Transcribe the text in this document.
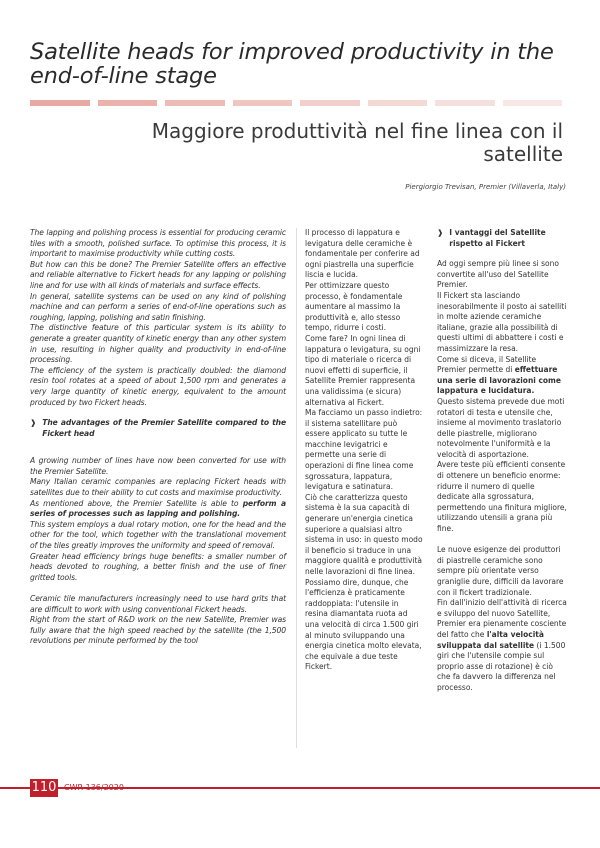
Satellite heads for improved productivity in the end-of-line stage
Maggiore produttività nel fine linea con il satellite

Piergiorgio Trevisan, Premier (Villaverla, Italy)

The lapping and polishing process is essential for producing ceramic tiles with a smooth, polished surface. To optimise this process, it is important to maximise productivity while cutting costs.

But how can this be done? The Premier Satellite offers an effective and reliable alternative to Fickert heads for any lapping or polishing line and for use with all kinds of materials and surface effects.

In general, satellite systems can be used on any kind of polishing machine and can perform a series of end-of-line operations such as roughing, lapping, polishing and satin finishing.

The distinctive feature of this particular system is its ability to generate a greater quantity of kinetic energy than any other system in use, resulting in higher quality and productivity in end-of-line processing.

The efficiency of the system is practically doubled: the diamond resin tool rotates at a speed of about 1,500 rpm and generates a very large quantity of kinetic energy, equivalent to the amount produced by two Fickert heads.

❱ The advantages of the Premier Satellite compared to the Fickert head

A growing number of lines have now been converted for use with the Premier Satellite.

Many Italian ceramic companies are replacing Fickert heads with satellites due to their ability to cut costs and maximise productivity.

As mentioned above, the Premier Satellite is able to perform a series of processes such as lapping and polishing.

This system employs a dual rotary motion, one for the head and the other for the tool, which together with the translational movement of the tiles greatly improves the uniformity and speed of removal.

Greater head efficiency brings huge benefits: a smaller number of heads devoted to roughing, a better finish and the use of finer gritted tools.

Ceramic tile manufacturers increasingly need to use hard grits that are difficult to work with using conventional Fickert heads.

Right from the start of R&D work on the new Satellite, Premier was fully aware that the high speed reached by the satellite (the 1,500 revolutions per minute performed by the tool

Il processo di lappatura e levigatura delle ceramiche è fondamentale per conferire ad ogni piastrella una superficie liscia e lucida.

Per ottimizzare questo processo, è fondamentale aumentare al massimo la produttività e, allo stesso tempo, ridurre i costi.

Come fare? In ogni linea di lappatura o levigatura, su ogni tipo di materiale o ricerca di nuovi effetti di superficie, il Satellite Premier rappresenta una validissima (e sicura) alternativa al Fickert.

Ma facciamo un passo indietro: il sistema satellitare può essere applicato su tutte le macchine levigatrici e permette una serie di operazioni di fine linea come sgrossatura, lappatura, levigatura e satinatura.

Ciò che caratterizza questo sistema è la sua capacità di generare un'energia cinetica superiore a qualsiasi altro sistema in uso: in questo modo il beneficio si traduce in una maggiore qualità e produttività nelle lavorazioni di fine linea.

Possiamo dire, dunque, che l'efficienza è praticamente raddoppiata: l'utensile in resina diamantata ruota ad una velocità di circa 1.500 giri al minuto sviluppando una energia cinetica molto elevata, che equivale a due teste Fickert.

❱ I vantaggi del Satellite rispetto al Fickert

Ad oggi sempre più linee si sono convertite all'uso del Satellite Premier.

Il Fickert sta lasciando inesorabilmente il posto ai satelliti in molte aziende ceramiche italiane, grazie alla possibilità di questi ultimi di abbattere i costi e massimizzare la resa.

Come si diceva, il Satellite Premier permette di effettuare una serie di lavorazioni come lappatura e lucidatura.

Questo sistema prevede due moti rotatori di testa e utensile che, insieme al movimento traslatorio delle piastrelle, migliorano notevolmente l'uniformità e la velocità di asportazione.

Avere teste più efficienti consente di ottenere un beneficio enorme: ridurre il numero di quelle dedicate alla sgrossatura, permettendo una finitura migliore, utilizzando utensili a grana più fine.

Le nuove esigenze dei produttori di piastrelle ceramiche sono sempre più orientate verso graniglie dure, difficili da lavorare con il fickert tradizionale.

Fin dall'inizio dell'attività di ricerca e sviluppo del nuovo Satellite, Premier era pienamente cosciente del fatto che l'alta velocità sviluppata dal satellite (i 1.500 giri che l'utensile compie sul proprio asse di rotazione) è ciò che fa davvero la differenza nel processo.

110 CWR 136/2020
